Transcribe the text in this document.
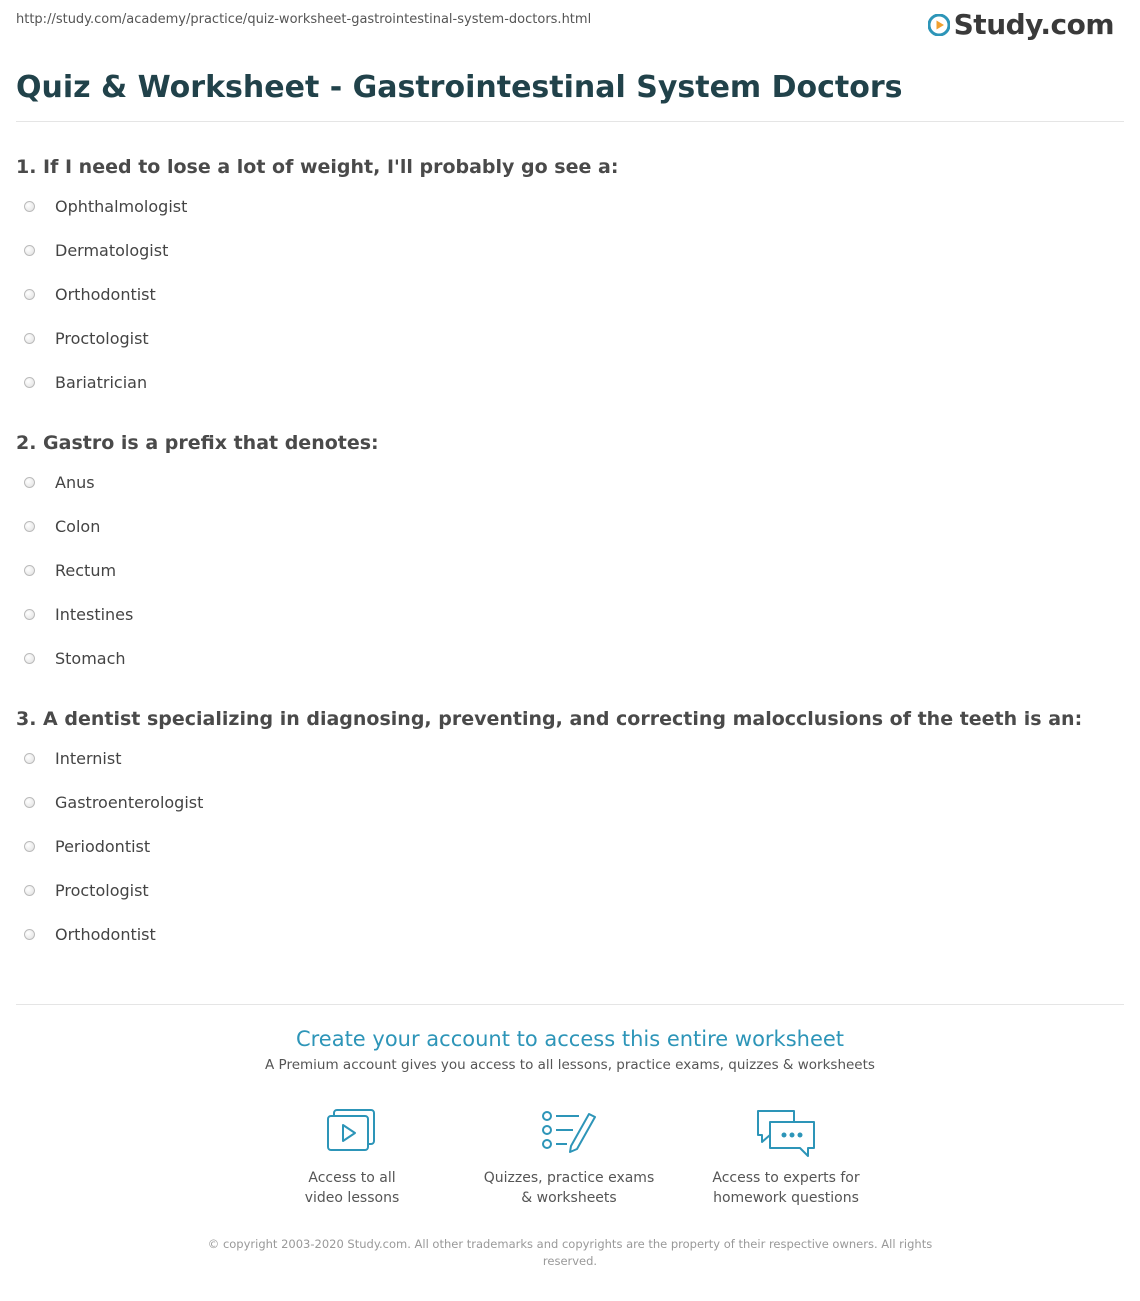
http://study.com/academy/practice/quiz-worksheet-gastrointestinal-system-doctors.html	Study.com
Quiz & Worksheet - Gastrointestinal System Doctors
1. If I need to lose a lot of weight, I'll probably go see a:
Ophthalmologist
Dermatologist
Orthodontist
Proctologist
Bariatrician
2. Gastro is a prefix that denotes:
Anus
Colon
Rectum
Intestines
Stomach
3. A dentist specializing in diagnosing, preventing, and correcting malocclusions of the teeth is an:
Internist
Gastroenterologist
Periodontist
Proctologist
Orthodontist
Create your account to access this entire worksheet
A Premium account gives you access to all lessons, practice exams, quizzes & worksheets
Access to all
video lessons
Quizzes, practice exams
& worksheets
Access to experts for
homework questions
© copyright 2003-2020 Study.com. All other trademarks and copyrights are the property of their respective owners. All rights reserved.
